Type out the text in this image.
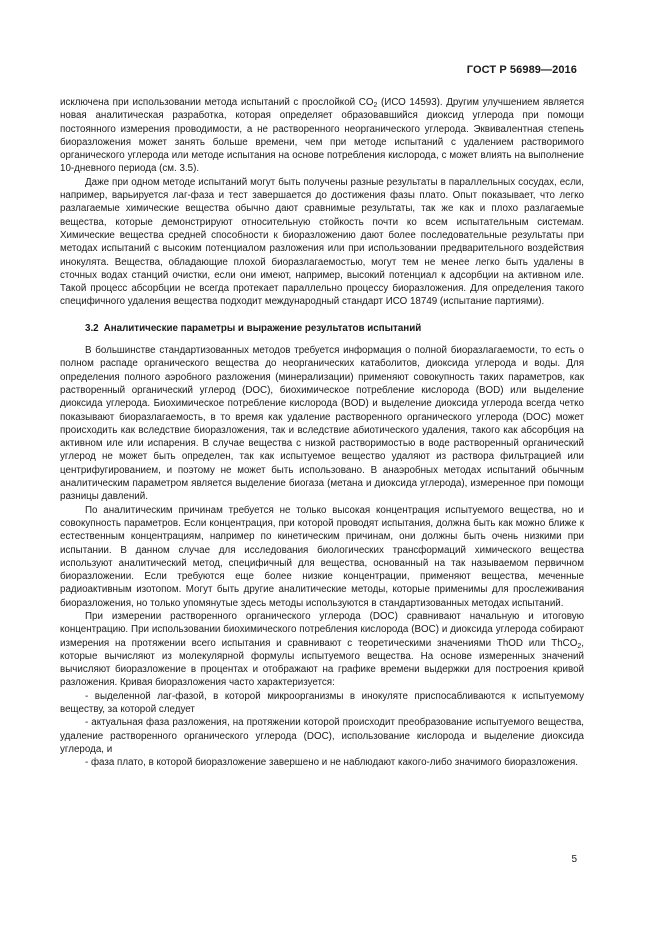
ГОСТ Р 56989—2016

исключена при использовании метода испытаний с прослойкой $CO_2$ (ИСО 14593). Другим улучшением является новая аналитическая разработка, которая определяет образовавшийся диоксид углерода при помощи постоянного измерения проводимости, а не растворенного неорганического углерода. Эквивалентная степень биоразложения может занять больше времени, чем при методе испытаний с удалением растворимого органического углерода или методе испытания на основе потребления кислорода, с может влиять на выполнение 10-дневного периода (см. 3.5).

Даже при одном методе испытаний могут быть получены разные результаты в параллельных сосудах, если, например, варьируется лаг-фаза и тест завершается до достижения фазы плато. Опыт показывает, что легко разлагаемые химические вещества обычно дают сравнимые результаты, так же как и плохо разлагаемые вещества, которые демонстрируют относительную стойкость почти ко всем испытательным системам. Химические вещества средней способности к биоразложению дают более последовательные результаты при методах испытаний с высоким потенциалом разложения или при использовании предварительного воздействия инокулята. Вещества, обладающие плохой биоразлагаемостью, могут тем не менее легко быть удалены в сточных водах станций очистки, если они имеют, например, высокий потенциал к адсорбции на активном иле. Такой процесс абсорбции не всегда протекает параллельно процессу биоразложения. Для определения такого специфичного удаления вещества подходит международный стандарт ИСО 18749 (испытание партиями).

3.2 Аналитические параметры и выражение результатов испытаний

В большинстве стандартизованных методов требуется информация о полной биоразлагаемости, то есть о полном распаде органического вещества до неорганических катаболитов, диоксида углерода и воды. Для определения полного аэробного разложения (минерализации) применяют совокупность таких параметров, как растворенный органический углерод (DOC), биохимическое потребление кислорода (BOD) или выделение диоксида углерода. Биохимическое потребление кислорода (BOD) и выделение диоксида углерода всегда четко показывают биоразлагаемость, в то время как удаление растворенного органического углерода (DOC) может происходить как вследствие биоразложения, так и вследствие абиотического удаления, такого как абсорбция на активном иле или испарения. В случае вещества с низкой растворимостью в воде растворенный органический углерод не может быть определен, так как испытуемое вещество удаляют из раствора фильтрацией или центрифугированием, и поэтому не может быть использовано. В анаэробных методах испытаний обычным аналитическим параметром является выделение биогаза (метана и диоксида углерода), измеренное при помощи разницы давлений.

По аналитическим причинам требуется не только высокая концентрация испытуемого вещества, но и совокупность параметров. Если концентрация, при которой проводят испытания, должна быть как можно ближе к естественным концентрациям, например по кинетическим причинам, они должны быть очень низкими при испытании. В данном случае для исследования биологических трансформаций химического вещества используют аналитический метод, специфичный для вещества, основанный на так называемом первичном биоразложении. Если требуются еще более низкие концентрации, применяют вещества, меченные радиоактивным изотопом. Могут быть другие аналитические методы, которые применимы для прослеживания биоразложения, но только упомянутые здесь методы используются в стандартизованных методах испытаний.

При измерении растворенного органического углерода (DOC) сравнивают начальную и итоговую концентрацию. При использовании биохимического потребления кислорода (BOC) и диоксида углерода собирают измерения на протяжении всего испытания и сравнивают с теоретическими значениями ThOD или ThCO$_2$, которые вычисляют из молекулярной формулы испытуемого вещества. На основе измеренных значений вычисляют биоразложение в процентах и отображают на графике времени выдержки для построения кривой разложения. Кривая биоразложения часто характеризуется:

- выделенной лаг-фазой, в которой микроорганизмы в инокуляте приспосабливаются к испытуемому веществу, за которой следует

- актуальная фаза разложения, на протяжении которой происходит преобразование испытуемого вещества, удаление растворенного органического углерода (DOC), использование кислорода и выделение диоксида углерода, и

- фаза плато, в которой биоразложение завершено и не наблюдают какого-либо значимого биоразложения.

5
